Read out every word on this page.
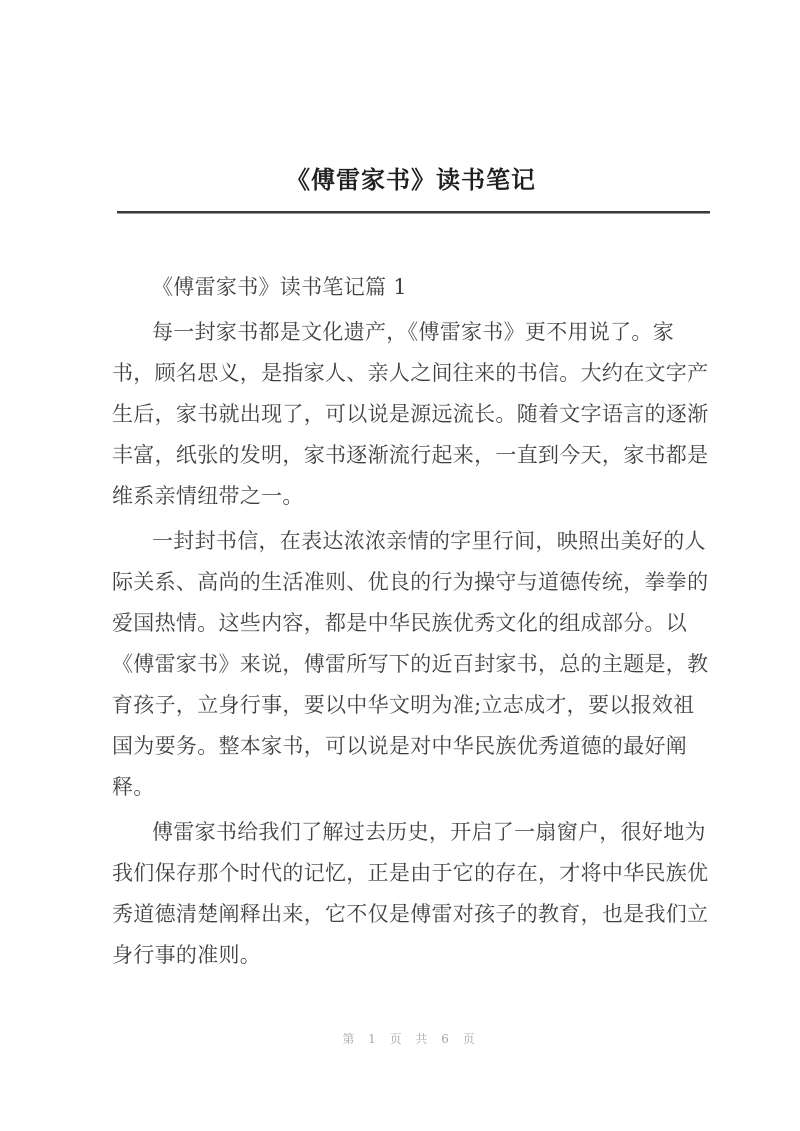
《傅雷家书》读书笔记
《傅雷家书》读书笔记篇 1
每一封家书都是文化遗产，《傅雷家书》更不用说了。家
书，顾名思义，是指家人、亲人之间往来的书信。大约在文字产
生后，家书就出现了，可以说是源远流长。随着文字语言的逐渐
丰富，纸张的发明，家书逐渐流行起来，一直到今天，家书都是
维系亲情纽带之一。
一封封书信，在表达浓浓亲情的字里行间，映照出美好的人
际关系、高尚的生活准则、优良的行为操守与道德传统，拳拳的
爱国热情。这些内容，都是中华民族优秀文化的组成部分。以
《傅雷家书》来说，傅雷所写下的近百封家书，总的主题是，教
育孩子，立身行事，要以中华文明为准;立志成才，要以报效祖
国为要务。整本家书，可以说是对中华民族优秀道德的最好阐
释。
傅雷家书给我们了解过去历史，开启了一扇窗户，很好地为
我们保存那个时代的记忆，正是由于它的存在，才将中华民族优
秀道德清楚阐释出来，它不仅是傅雷对孩子的教育，也是我们立
身行事的准则。
第 1 页 共 6 页
